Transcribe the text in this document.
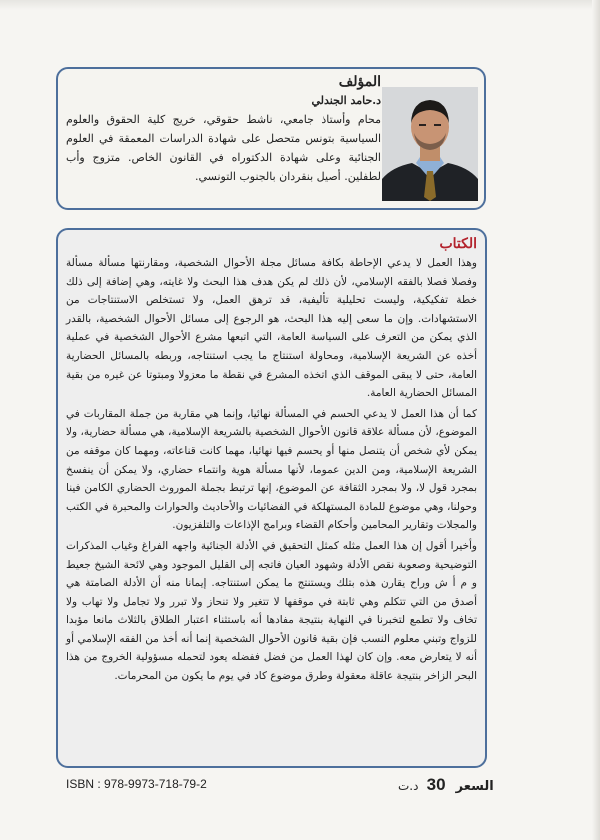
المؤلف

د.حامد الجندلي

محام وأستاذ جامعي، ناشط حقوقي، خريج كلية الحقوق والعلوم السياسية بتونس متحصل على شهادة الدراسات المعمقة في العلوم الجنائية وعلى شهادة الدكتوراه في القانون الخاص. متزوج وأب لطفلين. أصيل بنقردان بالجنوب التونسي.

الكتاب

وهذا العمل لا يدعي الإحاطة بكافة مسائل مجلة الأحوال الشخصية، ومقارنتها مسألة مسألة وفصلا فصلا بالفقه الإسلامي، لأن ذلك لم يكن هدف هذا البحث ولا غايته، وهي إضافة إلى ذلك خطة تفكيكية، وليست تحليلية تأليفية، قد ترهق العمل، ولا تستخلص الاستنتاجات من الاستشهادات. وإن ما سعى إليه هذا البحث، هو الرجوع إلى مسائل الأحوال الشخصية، بالقدر الذي يمكن من التعرف على السياسة العامة، التي اتبعها مشرع الأحوال الشخصية في عملية أخذه عن الشريعة الإسلامية، ومحاولة استنتاج ما يجب استنتاجه، وربطه بالمسائل الحضارية العامة، حتى لا يبقى الموقف الذي اتخذه المشرع في نقطة ما معزولا ومبتوتا عن غيره من بقية المسائل الحضارية العامة.

كما أن هذا العمل لا يدعي الحسم في المسألة نهائيا، وإنما هي مقاربة من جملة المقاربات في الموضوع، لأن مسألة علاقة قانون الأحوال الشخصية بالشريعة الإسلامية، هي مسألة حضارية، ولا يمكن لأي شخص أن يتنصل منها أو يحسم فيها نهائيا، مهما كانت قناعاته، ومهما كان موقفه من الشريعة الإسلامية، ومن الدين عموما، لأنها مسألة هوية وانتماء حضاري، ولا يمكن أن ينفسخ بمجرد قول لا، ولا بمجرد الثقافة عن الموضوع، إنها ترتبط بجملة الموروث الحضاري الكامن فينا وحولنا، وهي موضوع للمادة المستهلكة في الفضائيات والأحاديث والحوارات والمحبرة في الكتب والمجلات وتقارير المحامين وأحكام القضاء وبرامج الإذاعات والتلفزيون.

وأخيرا أقول إن هذا العمل مثله كمثل التحقيق في الأدلة الجنائية واجهه الفراغ وغياب المذكرات التوضيحية وصعوبة نقص الأدلة وشهود العيان فاتجه إلى القليل الموجود وهي لائحة الشيخ جعيط و م أ ش وراح يقارن هذه بتلك ويستنتج ما يمكن استنتاجه. إيمانا منه أن الأدلة الصامتة هي أصدق من التي تتكلم وهي ثابتة في موقفها لا تتغير ولا تنحاز ولا تبرر ولا تجامل ولا تهاب ولا تخاف ولا تطمع لتخبرنا في النهاية بنتيجة مفادها أنه باستثناء اعتبار الطلاق بالثلاث مانعا مؤبدا للزواج وتبني معلوم النسب فإن بقية قانون الأحوال الشخصية إنما أنه أخذ من الفقه الإسلامي أو أنه لا يتعارض معه. وإن كان لهذا العمل من فضل ففضله يعود لتحمله مسؤولية الخروج من هذا البحر الزاخر بنتيجة عاقلة معقولة وطرق موضوع كاد في يوم ما يكون من المحرمات.

ISBN : 978-9973-718-79-2	السعر 30 د.ت
